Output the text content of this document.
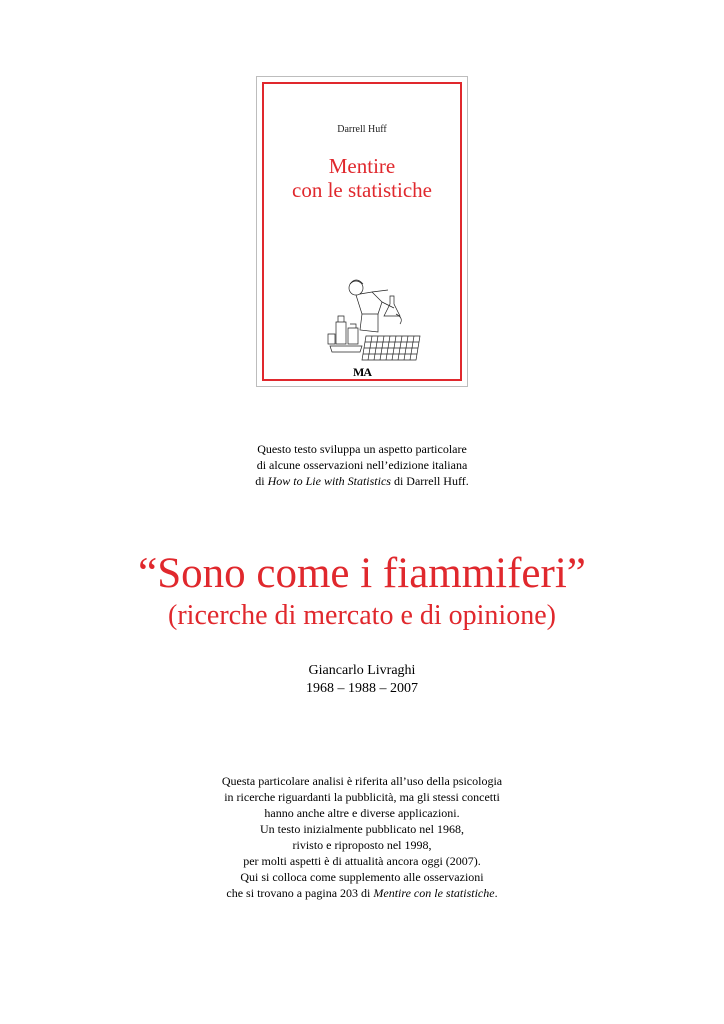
Darrell Huff
Mentire
con le statistiche
MA
Questo testo sviluppa un aspetto particolare
di alcune osservazioni nell’edizione italiana
di How to Lie with Statistics di Darrell Huff.
“Sono come i fiammiferi”
(ricerche di mercato e di opinione)
Giancarlo Livraghi
1968 – 1988 – 2007
Questa particolare analisi è riferita all’uso della psicologia
in ricerche riguardanti la pubblicità, ma gli stessi concetti
hanno anche altre e diverse applicazioni.
Un testo inizialmente pubblicato nel 1968,
rivisto e riproposto nel 1998,
per molti aspetti è di attualità ancora oggi (2007).
Qui si colloca come supplemento alle osservazioni
che si trovano a pagina 203 di Mentire con le statistiche.
